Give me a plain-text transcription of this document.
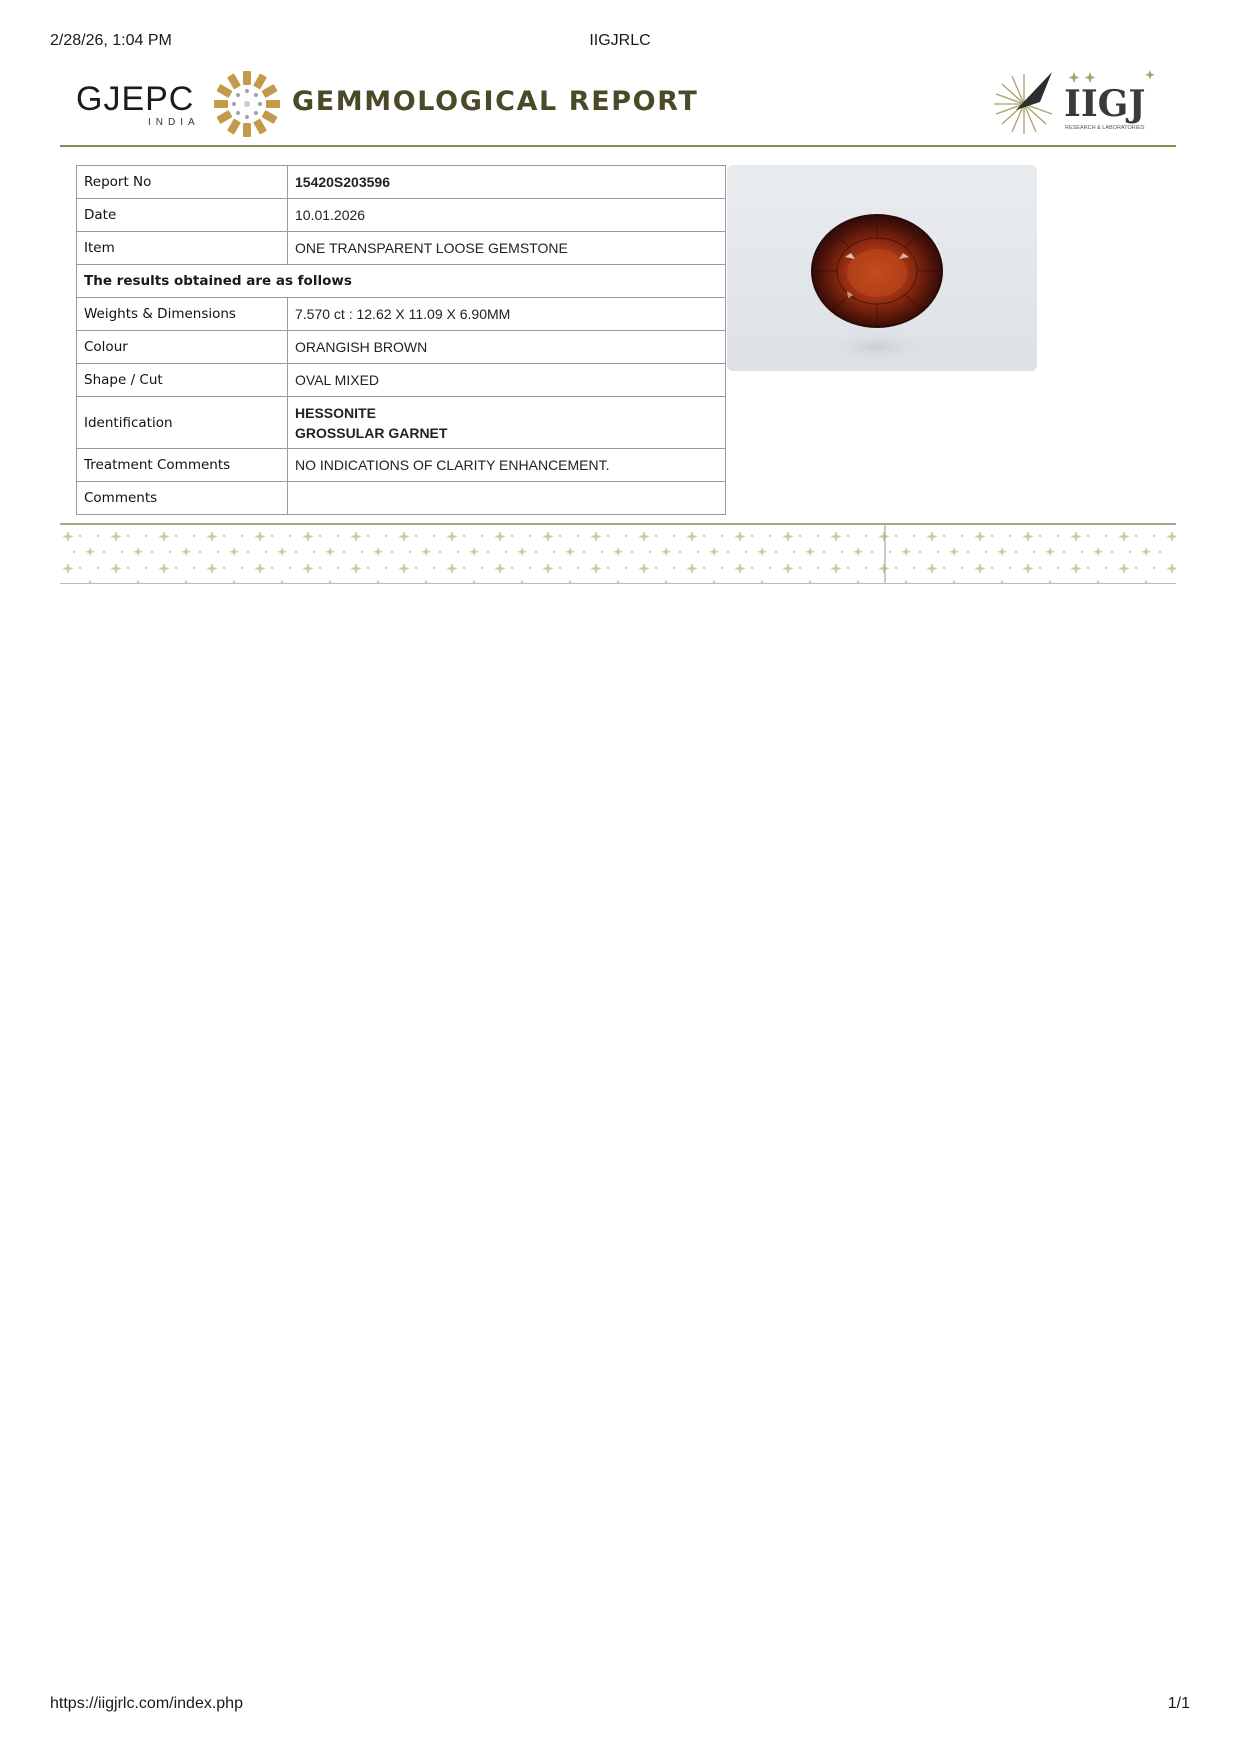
2/28/26, 1:04 PM	IIGJRLC
GJEPC
INDIA
GEMMOLOGICAL REPORT	IIGJ
RESEARCH & LABORATORIES
Report No	15420S203596
Date	10.01.2026
Item	ONE TRANSPARENT LOOSE GEMSTONE
The results obtained are as follows	
Weights & Dimensions	7.570 ct : 12.62 X 11.09 X 6.90MM
Colour	ORANGISH BROWN
Shape / Cut	OVAL MIXED
Identification	HESSONITE
GROSSULAR GARNET

Treatment Comments	NO INDICATIONS OF CLARITY ENHANCEMENT.
Comments	
https://iigjrlc.com/index.php	1/1
